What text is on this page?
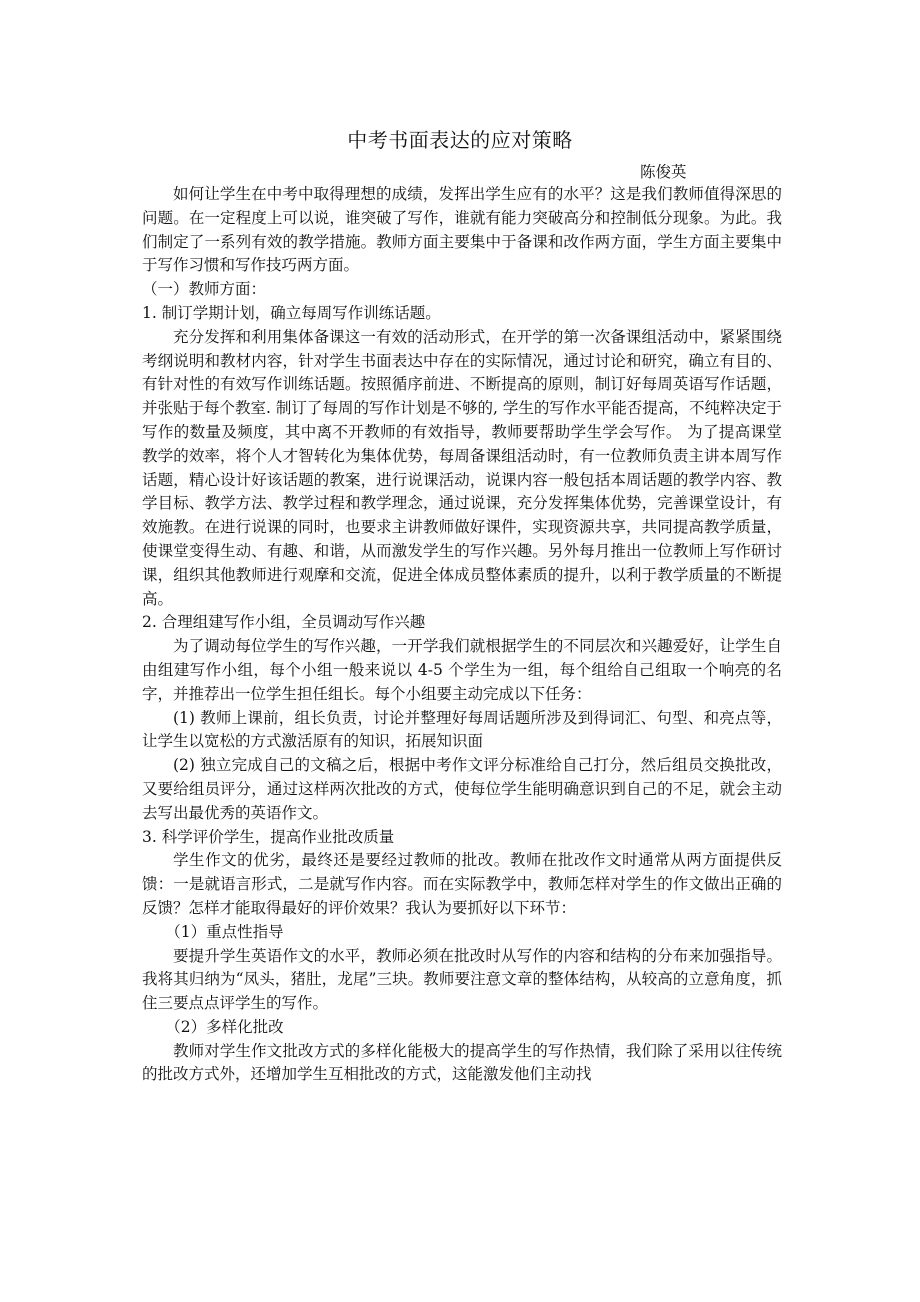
中考书面表达的应对策略
陈俊英

如何让学生在中考中取得理想的成绩，发挥出学生应有的水平？这是我们教师值得深思的问题。在一定程度上可以说，谁突破了写作，谁就有能力突破高分和控制低分现象。为此。我们制定了一系列有效的教学措施。教师方面主要集中于备课和改作两方面，学生方面主要集中于写作习惯和写作技巧两方面。

（一）教师方面：

1. 制订学期计划，确立每周写作训练话题。

充分发挥和利用集体备课这一有效的活动形式，在开学的第一次备课组活动中，紧紧围绕考纲说明和教材内容，针对学生书面表达中存在的实际情况，通过讨论和研究，确立有目的、有针对性的有效写作训练话题。按照循序前进、不断提高的原则，制订好每周英语写作话题，并张贴于每个教室. 制订了每周的写作计划是不够的, 学生的写作水平能否提高，不纯粹决定于写作的数量及频度，其中离不开教师的有效指导，教师要帮助学生学会写作。 为了提高课堂教学的效率，将个人才智转化为集体优势，每周备课组活动时，有一位教师负责主讲本周写作话题，精心设计好该话题的教案，进行说课活动，说课内容一般包括本周话题的教学内容、教学目标、教学方法、教学过程和教学理念，通过说课，充分发挥集体优势，完善课堂设计，有效施教。在进行说课的同时，也要求主讲教师做好课件，实现资源共享，共同提高教学质量，使课堂变得生动、有趣、和谐，从而激发学生的写作兴趣。另外每月推出一位教师上写作研讨课，组织其他教师进行观摩和交流，促进全体成员整体素质的提升，以利于教学质量的不断提高。

2. 合理组建写作小组，全员调动写作兴趣

为了调动每位学生的写作兴趣，一开学我们就根据学生的不同层次和兴趣爱好，让学生自由组建写作小组，每个小组一般来说以 4-5 个学生为一组，每个组给自己组取一个响亮的名字，并推荐出一位学生担任组长。每个小组要主动完成以下任务：

(1) 教师上课前，组长负责，讨论并整理好每周话题所涉及到得词汇、句型、和亮点等，让学生以宽松的方式激活原有的知识，拓展知识面

(2) 独立完成自己的文稿之后，根据中考作文评分标准给自己打分，然后组员交换批改，又要给组员评分，通过这样两次批改的方式，使每位学生能明确意识到自己的不足，就会主动去写出最优秀的英语作文。

3. 科学评价学生，提高作业批改质量

学生作文的优劣，最终还是要经过教师的批改。教师在批改作文时通常从两方面提供反馈：一是就语言形式，二是就写作内容。而在实际教学中，教师怎样对学生的作文做出正确的反馈？怎样才能取得最好的评价效果？我认为要抓好以下环节：

（1）重点性指导

要提升学生英语作文的水平，教师必须在批改时从写作的内容和结构的分布来加强指导。我将其归纳为“凤头，猪肚，龙尾”三块。教师要注意文章的整体结构，从较高的立意角度，抓住三要点点评学生的写作。

（2）多样化批改

教师对学生作文批改方式的多样化能极大的提高学生的写作热情，我们除了采用以往传统的批改方式外，还增加学生互相批改的方式，这能激发他们主动找
